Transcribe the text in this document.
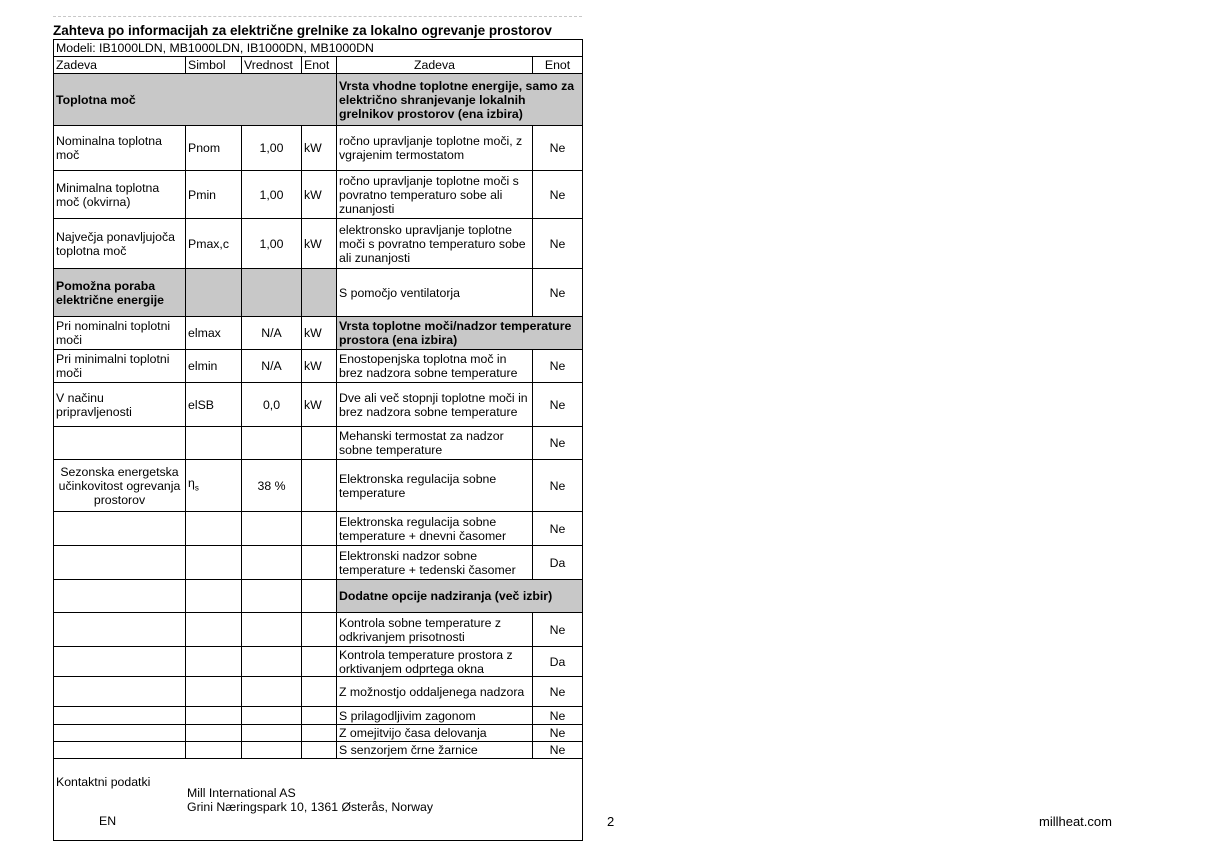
Zahteva po informacijah za električne grelnike za lokalno ogrevanje prostorov
Modeli: IB1000LDN, MB1000LDN, IB1000DN, MB1000DN					
Zadeva	Simbol	Vrednost	Enot	Zadeva	Enot
Toplotna moč				Vrsta vhodne toplotne energije, samo za električno shranjevanje lokalnih grelnikov prostorov (ena izbira)	
Nominalna toplotna moč	Pnom	1,00	kW	ročno upravljanje toplotne moči, z vgrajenim termostatom	Ne
Minimalna toplotna moč (okvirna)	Pmin	1,00	kW	ročno upravljanje toplotne moči s povratno temperaturo sobe ali zunanjosti	Ne
Največja ponavljujoča toplotna moč	Pmax,c	1,00	kW	elektronsko upravljanje toplotne moči s povratno temperaturo sobe ali zunanjosti	Ne
Pomožna poraba električne energije				S pomočjo ventilatorja	Ne
Pri nominalni toplotni moči	elmax	N/A	kW	Vrsta toplotne moči/nadzor temperature prostora (ena izbira)	
Pri minimalni toplotni moči	elmin	N/A	kW	Enostopenjska toplotna moč in brez nadzora sobne temperature	Ne
V načinu pripravljenosti	elSB	0,0	kW	Dve ali več stopnji toplotne moči in brez nadzora sobne temperature	Ne
				Mehanski termostat za nadzor sobne temperature	Ne
Sezonska energetska učinkovitost ogrevanja prostorov	$\eta_s$	38 %		Elektronska regulacija sobne temperature	Ne
				Elektronska regulacija sobne temperature + dnevni časomer	Ne
				Elektronski nadzor sobne temperature + tedenski časomer	Da
				Dodatne opcije nadziranja (več izbir)	
				Kontrola sobne temperature z odkrivanjem prisotnosti	Ne
				Kontrola temperature prostora z orktivanjem odprtega okna	Da
				Z možnostjo oddaljenega nadzora	Ne
				S prilagodljivim zagonom	Ne
				Z omejitvijo časa delovanja	Ne
				S senzorjem črne žarnice	Ne

Kontaktni podatki
EN
Mill International AS
Grini Næringspark 10, 1361 Østerås, Norway					
2	millheat.com
